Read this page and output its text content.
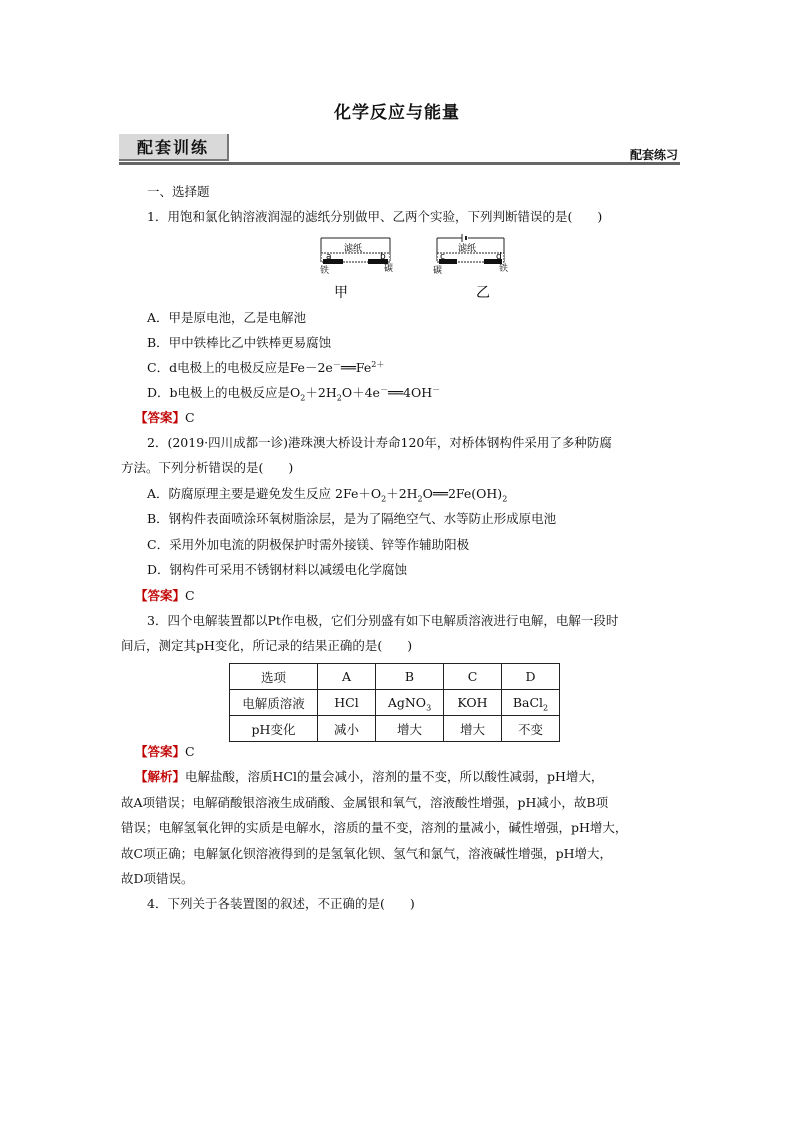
化学反应与能量
配套训练	配套练习
一、选择题
1．用饱和氯化钠溶液润湿的滤纸分别做甲、乙两个实验，下列判断错误的是(　　)
滤纸
a	b
铁	碳
甲
滤纸
c	d
碳	铁
乙
A．甲是原电池，乙是电解池
B．甲中铁棒比乙中铁棒更易腐蚀
C．d电极上的电极反应是$Fe-2e^-══Fe^{2+}$
D．b电极上的电极反应是$O_2+2H_2O+4e^-══4OH^-$
【答案】C
2．(2019·四川成都一诊)港珠澳大桥设计寿命120年，对桥体钢构件采用了多种防腐
方法。下列分析错误的是(　　)
A．防腐原理主要是避免发生反应 $2Fe+O_2+2H_2O══2Fe(OH)_2$
B．钢构件表面喷涂环氧树脂涂层，是为了隔绝空气、水等防止形成原电池
C．采用外加电流的阴极保护时需外接镁、锌等作辅助阳极
D．钢构件可采用不锈钢材料以减缓电化学腐蚀
【答案】C
3．四个电解装置都以Pt作电极，它们分别盛有如下电解质溶液进行电解，电解一段时
间后，测定其pH变化，所记录的结果正确的是(　　)
选项	A	B	C	D
电解质溶液	HCl	AgNO$_3$	KOH	BaCl$_2$
pH变化	减小	增大	增大	不变
【答案】C
【解析】电解盐酸，溶质HCl的量会减小，溶剂的量不变，所以酸性减弱，pH增大，
故A项错误；电解硝酸银溶液生成硝酸、金属银和氧气，溶液酸性增强，pH减小，故B项
错误；电解氢氧化钾的实质是电解水，溶质的量不变，溶剂的量减小，碱性增强，pH增大，
故C项正确；电解氯化钡溶液得到的是氢氧化钡、氢气和氯气，溶液碱性增强，pH增大，
故D项错误。
4．下列关于各装置图的叙述，不正确的是(　　)
